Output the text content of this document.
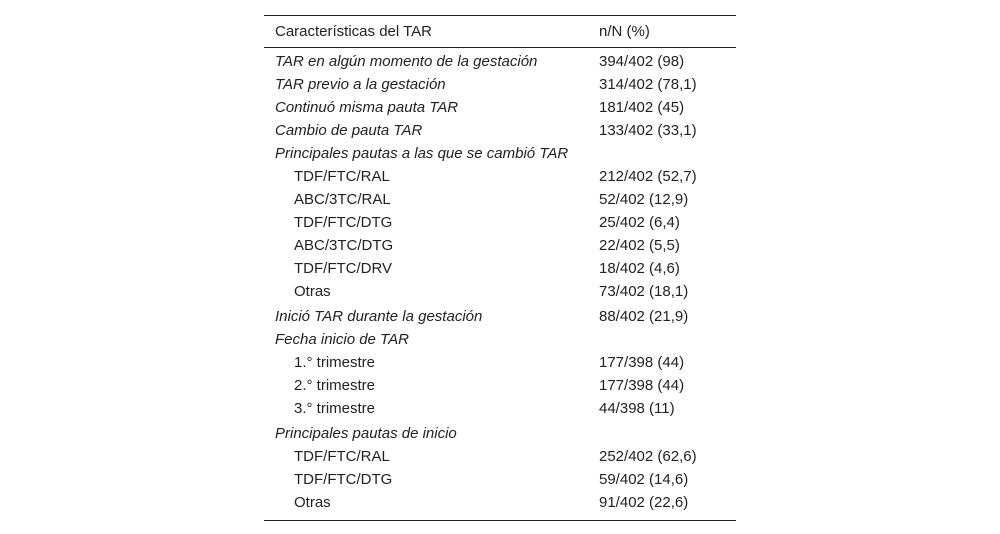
Características del TAR	n/N (%)
TAR en algún momento de la gestación	394/402 (98)
TAR previo a la gestación	314/402 (78,1)
Continuó misma pauta TAR	181/402 (45)
Cambio de pauta TAR	133/402 (33,1)
Principales pautas a las que se cambió TAR
TDF/FTC/RAL	212/402 (52,7)
ABC/3TC/RAL	52/402 (12,9)
TDF/FTC/DTG	25/402 (6,4)
ABC/3TC/DTG	22/402 (5,5)
TDF/FTC/DRV	18/402 (4,6)
Otras	73/402 (18,1)
Inició TAR durante la gestación	88/402 (21,9)
Fecha inicio de TAR
1.° trimestre	177/398 (44)
2.° trimestre	177/398 (44)
3.° trimestre	44/398 (11)
Principales pautas de inicio
TDF/FTC/RAL	252/402 (62,6)
TDF/FTC/DTG	59/402 (14,6)
Otras	91/402 (22,6)
